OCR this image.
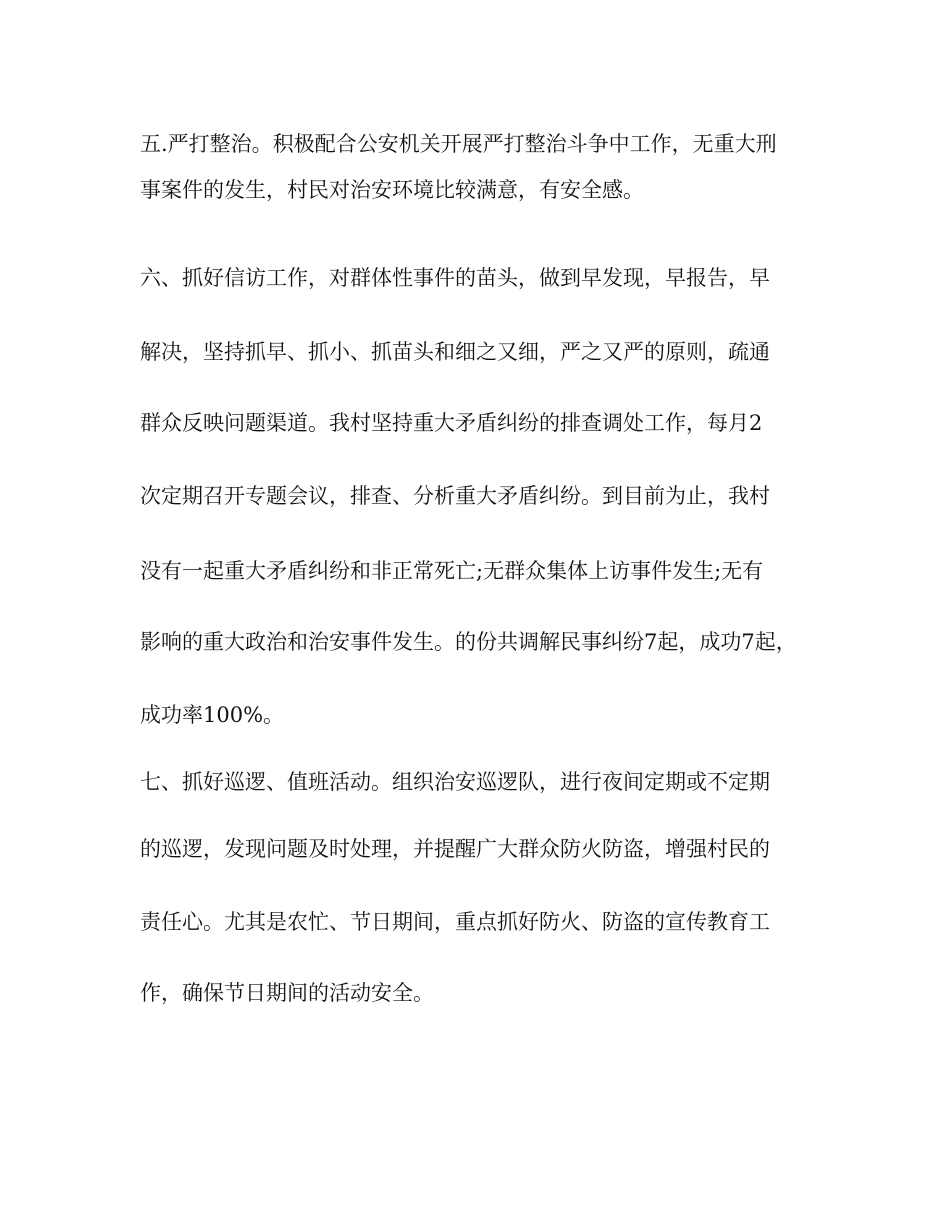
五.严打整治。积极配合公安机关开展严打整治斗争中工作，无重大刑
事案件的发生，村民对治安环境比较满意，有安全感。
六、抓好信访工作，对群体性事件的苗头，做到早发现，早报告，早
解决，坚持抓早、抓小、抓苗头和细之又细，严之又严的原则，疏通
群众反映问题渠道。我村坚持重大矛盾纠纷的排查调处工作，每月2
次定期召开专题会议，排查、分析重大矛盾纠纷。到目前为止，我村
没有一起重大矛盾纠纷和非正常死亡;无群众集体上访事件发生;无有
影响的重大政治和治安事件发生。的份共调解民事纠纷7起，成功7起，
成功率100%。
七、抓好巡逻、值班活动。组织治安巡逻队，进行夜间定期或不定期
的巡逻，发现问题及时处理，并提醒广大群众防火防盗，增强村民的
责任心。尤其是农忙、节日期间，重点抓好防火、防盗的宣传教育工
作，确保节日期间的活动安全。
